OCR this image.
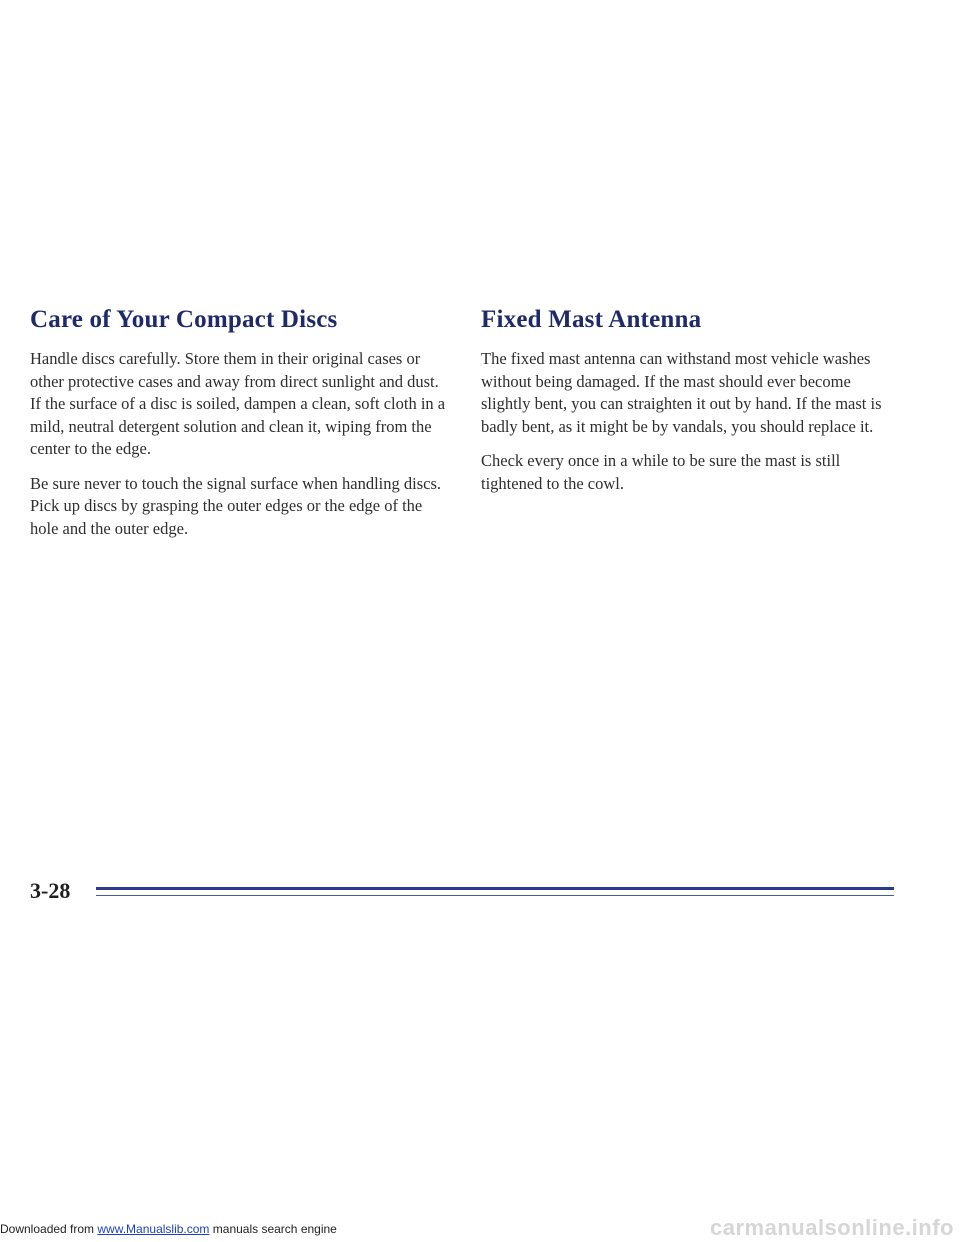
Care of Your Compact Discs

Handle discs carefully. Store them in their original cases or other protective cases and away from direct sunlight and dust. If the surface of a disc is soiled, dampen a clean, soft cloth in a mild, neutral detergent solution and clean it, wiping from the center to the edge.

Be sure never to touch the signal surface when handling discs. Pick up discs by grasping the outer edges or the edge of the hole and the outer edge.

Fixed Mast Antenna

The fixed mast antenna can withstand most vehicle washes without being damaged. If the mast should ever become slightly bent, you can straighten it out by hand. If the mast is badly bent, as it might be by vandals, you should replace it.

Check every once in a while to be sure the mast is still tightened to the cowl.

3-28
Downloaded from www.Manualslib.com manuals search engine	carmanualsonline.info
